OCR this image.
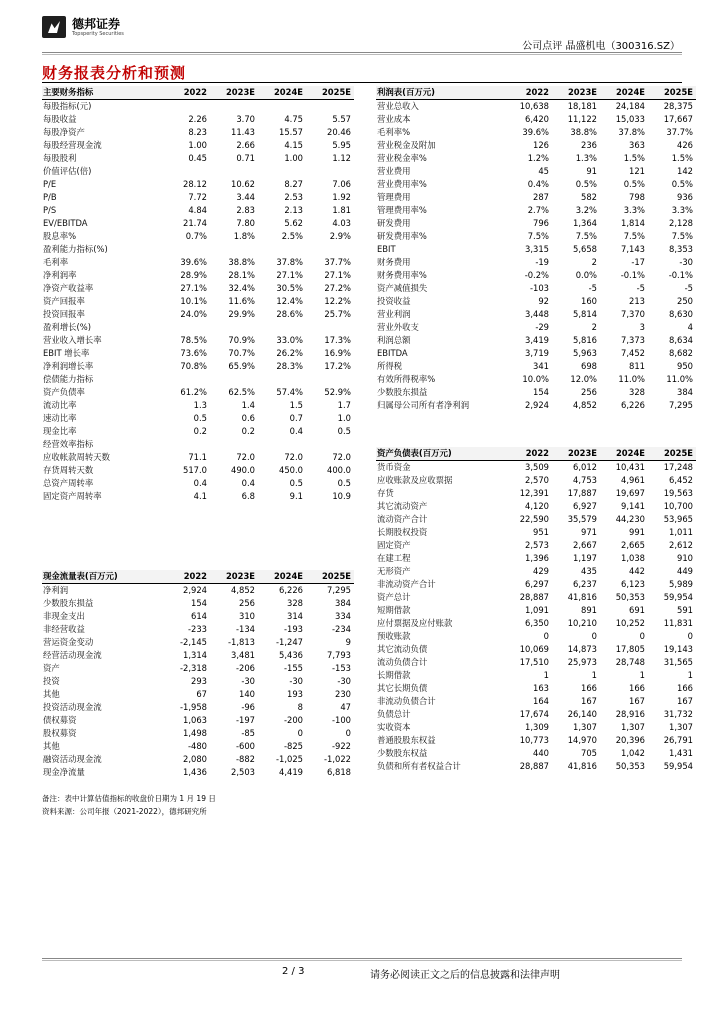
德邦证券
Topsperity Securities
公司点评 晶盛机电（300316.SZ）
财务报表分析和预测
主要财务指标	2022	2023E	2024E	2025E
每股指标(元)				
每股收益	2.26	3.70	4.75	5.57
每股净资产	8.23	11.43	15.57	20.46
每股经营现金流	1.00	2.66	4.15	5.95
每股股利	0.45	0.71	1.00	1.12
价值评估(倍)				
P/E	28.12	10.62	8.27	7.06
P/B	7.72	3.44	2.53	1.92
P/S	4.84	2.83	2.13	1.81
EV/EBITDA	21.74	7.80	5.62	4.03
股息率%	0.7%	1.8%	2.5%	2.9%
盈利能力指标(%)				
毛利率	39.6%	38.8%	37.8%	37.7%
净利润率	28.9%	28.1%	27.1%	27.1%
净资产收益率	27.1%	32.4%	30.5%	27.2%
资产回报率	10.1%	11.6%	12.4%	12.2%
投资回报率	24.0%	29.9%	28.6%	25.7%
盈利增长(%)				
营业收入增长率	78.5%	70.9%	33.0%	17.3%
EBIT 增长率	73.6%	70.7%	26.2%	16.9%
净利润增长率	70.8%	65.9%	28.3%	17.2%
偿债能力指标				
资产负债率	61.2%	62.5%	57.4%	52.9%
流动比率	1.3	1.4	1.5	1.7
速动比率	0.5	0.6	0.7	1.0
现金比率	0.2	0.2	0.4	0.5
经营效率指标				
应收帐款周转天数	71.1	72.0	72.0	72.0
存货周转天数	517.0	490.0	450.0	400.0
总资产周转率	0.4	0.4	0.5	0.5
固定资产周转率	4.1	6.8	9.1	10.9
利润表(百万元)	2022	2023E	2024E	2025E
营业总收入	10,638	18,181	24,184	28,375
营业成本	6,420	11,122	15,033	17,667
毛利率%	39.6%	38.8%	37.8%	37.7%
营业税金及附加	126	236	363	426
营业税金率%	1.2%	1.3%	1.5%	1.5%
营业费用	45	91	121	142
营业费用率%	0.4%	0.5%	0.5%	0.5%
管理费用	287	582	798	936
管理费用率%	2.7%	3.2%	3.3%	3.3%
研发费用	796	1,364	1,814	2,128
研发费用率%	7.5%	7.5%	7.5%	7.5%
EBIT	3,315	5,658	7,143	8,353
财务费用	-19	2	-17	-30
财务费用率%	-0.2%	0.0%	-0.1%	-0.1%
资产减值损失	-103	-5	-5	-5
投资收益	92	160	213	250
营业利润	3,448	5,814	7,370	8,630
营业外收支	-29	2	3	4
利润总额	3,419	5,816	7,373	8,634
EBITDA	3,719	5,963	7,452	8,682
所得税	341	698	811	950
有效所得税率%	10.0%	12.0%	11.0%	11.0%
少数股东损益	154	256	328	384
归属母公司所有者净利润	2,924	4,852	6,226	7,295
资产负债表(百万元)	2022	2023E	2024E	2025E
货币资金	3,509	6,012	10,431	17,248
应收账款及应收票据	2,570	4,753	4,961	6,452
存货	12,391	17,887	19,697	19,563
其它流动资产	4,120	6,927	9,141	10,700
流动资产合计	22,590	35,579	44,230	53,965
长期股权投资	951	971	991	1,011
固定资产	2,573	2,667	2,665	2,612
在建工程	1,396	1,197	1,038	910
无形资产	429	435	442	449
非流动资产合计	6,297	6,237	6,123	5,989
资产总计	28,887	41,816	50,353	59,954
短期借款	1,091	891	691	591
应付票据及应付账款	6,350	10,210	10,252	11,831
预收账款	0	0	0	0
其它流动负债	10,069	14,873	17,805	19,143
流动负债合计	17,510	25,973	28,748	31,565
长期借款	1	1	1	1
其它长期负债	163	166	166	166
非流动负债合计	164	167	167	167
负债总计	17,674	26,140	28,916	31,732
实收资本	1,309	1,307	1,307	1,307
普通股股东权益	10,773	14,970	20,396	26,791
少数股东权益	440	705	1,042	1,431
负债和所有者权益合计	28,887	41,816	50,353	59,954
现金流量表(百万元)	2022	2023E	2024E	2025E
净利润	2,924	4,852	6,226	7,295
少数股东损益	154	256	328	384
非现金支出	614	310	314	334
非经营收益	-233	-134	-193	-234
营运资金变动	-2,145	-1,813	-1,247	9
经营活动现金流	1,314	3,481	5,436	7,793
资产	-2,318	-206	-155	-153
投资	293	-30	-30	-30
其他	67	140	193	230
投资活动现金流	-1,958	-96	8	47
债权募资	1,063	-197	-200	-100
股权募资	1,498	-85	0	0
其他	-480	-600	-825	-922
融资活动现金流	2,080	-882	-1,025	-1,022
现金净流量	1,436	2,503	4,419	6,818
备注：表中计算估值指标的收盘价日期为 1 月 19 日
资料来源：公司年报（2021-2022），德邦研究所
2 / 3	请务必阅读正文之后的信息披露和法律声明
